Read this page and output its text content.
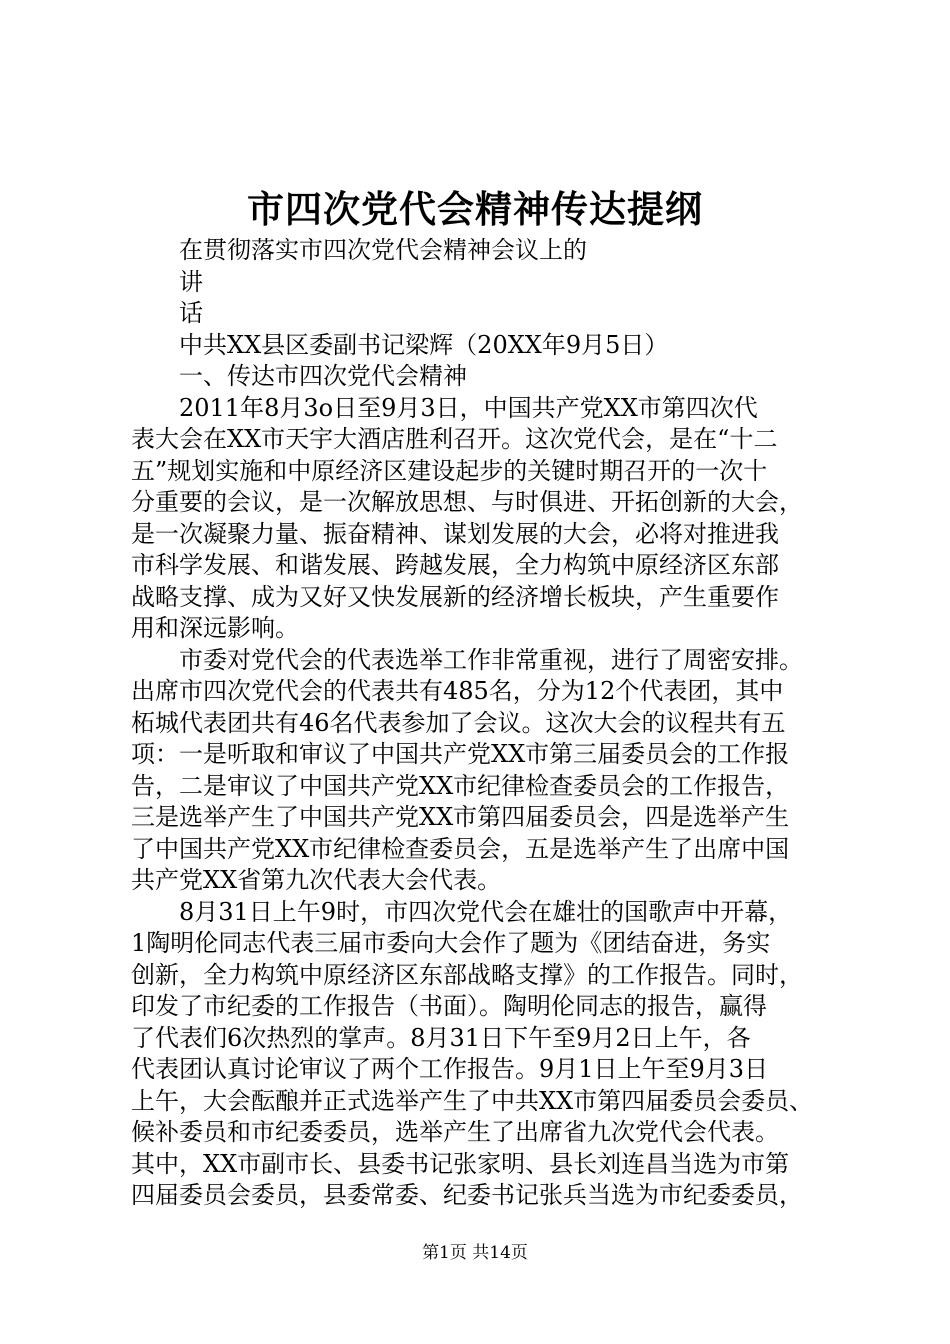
市四次党代会精神传达提纲
在贯彻落实市四次党代会精神会议上的
讲
话
中共XX县区委副书记梁辉（20XX年9月5日）
一、传达市四次党代会精神
2011年8月3o日至9月3日，中国共产党XX市第四次代
表大会在XX市天宇大酒店胜利召开。这次党代会，是在“十二
五”规划实施和中原经济区建设起步的关键时期召开的一次十
分重要的会议，是一次解放思想、与时俱进、开拓创新的大会，
是一次凝聚力量、振奋精神、谋划发展的大会，必将对推进我
市科学发展、和谐发展、跨越发展，全力构筑中原经济区东部
战略支撑、成为又好又快发展新的经济增长板块，产生重要作
用和深远影响。
市委对党代会的代表选举工作非常重视，进行了周密安排。
出席市四次党代会的代表共有485名，分为12个代表团，其中
柘城代表团共有46名代表参加了会议。这次大会的议程共有五
项：一是听取和审议了中国共产党XX市第三届委员会的工作报
告，二是审议了中国共产党XX市纪律检查委员会的工作报告，
三是选举产生了中国共产党XX市第四届委员会，四是选举产生
了中国共产党XX市纪律检查委员会，五是选举产生了出席中国
共产党XX省第九次代表大会代表。
8月31日上午9时，市四次党代会在雄壮的国歌声中开幕，
1陶明伦同志代表三届市委向大会作了题为《团结奋进，务实
创新，全力构筑中原经济区东部战略支撑》的工作报告。同时，
印发了市纪委的工作报告（书面）。陶明伦同志的报告，赢得
了代表们6次热烈的掌声。8月31日下午至9月2日上午，各
代表团认真讨论审议了两个工作报告。9月1日上午至9月3日
上午，大会酝酿并正式选举产生了中共XX市第四届委员会委员、
候补委员和市纪委委员，选举产生了出席省九次党代会代表。
其中，XX市副市长、县委书记张家明、县长刘连昌当选为市第
四届委员会委员，县委常委、纪委书记张兵当选为市纪委委员，
第1页 共14页
